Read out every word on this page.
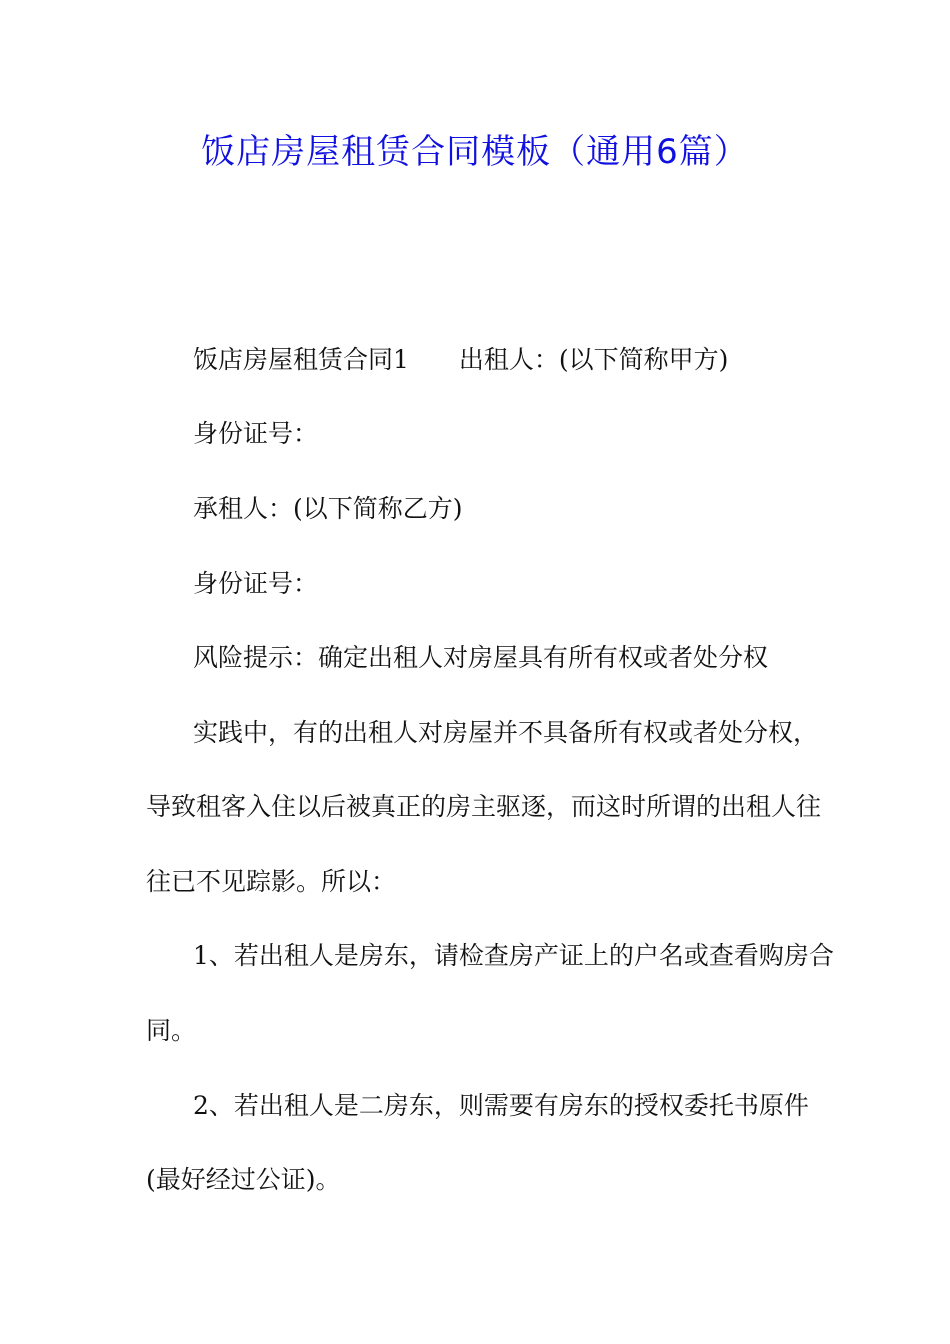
饭店房屋租赁合同模板（通用6篇）
饭店房屋租赁合同1 出租人：(以下简称甲方)
身份证号：
承租人：(以下简称乙方)
身份证号：
风险提示：确定出租人对房屋具有所有权或者处分权
实践中，有的出租人对房屋并不具备所有权或者处分权，
导致租客入住以后被真正的房主驱逐，而这时所谓的出租人往
往已不见踪影。所以：
1、若出租人是房东，请检查房产证上的户名或查看购房合
同。
2、若出租人是二房东，则需要有房东的授权委托书原件
(最好经过公证)。
